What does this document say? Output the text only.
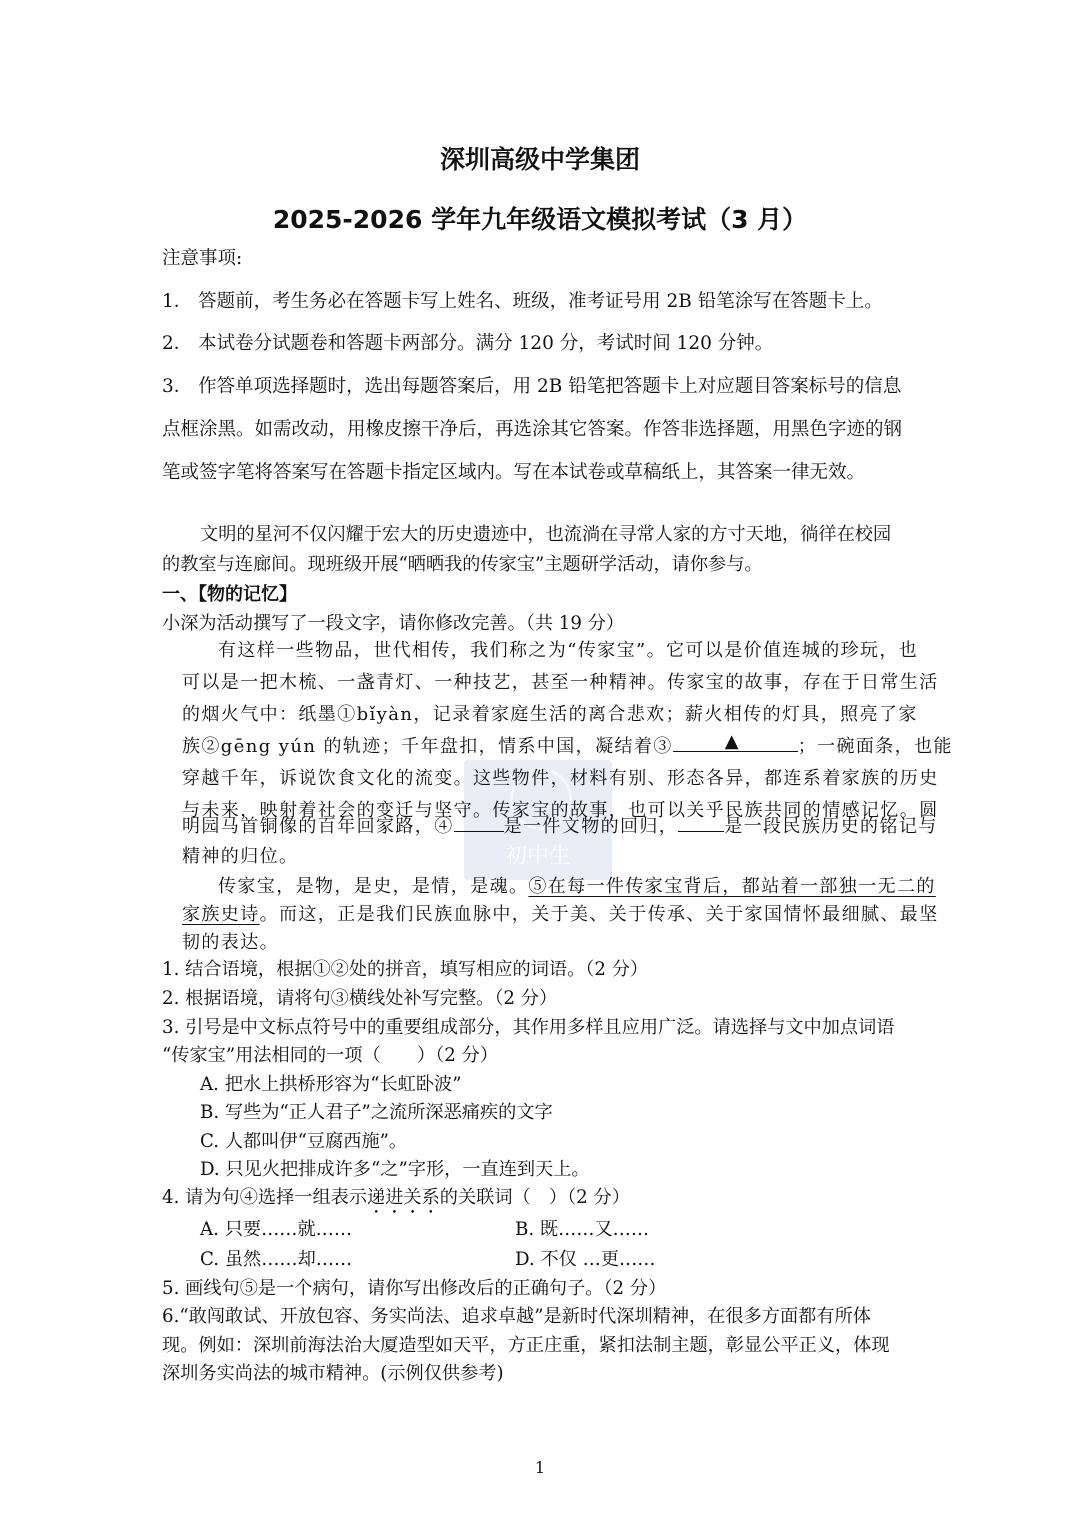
初中生
深圳高级中学集团
2025-2026 学年九年级语文模拟考试（3 月）
注意事项:
1． 答题前，考生务必在答题卡写上姓名、班级，准考证号用 2B 铅笔涂写在答题卡上。
2． 本试卷分试题卷和答题卡两部分。满分 120 分，考试时间 120 分钟。
3． 作答单项选择题时，选出每题答案后，用 2B 铅笔把答题卡上对应题目答案标号的信息
点框涂黑。如需改动，用橡皮擦干净后，再选涂其它答案。作答非选择题，用黑色字迹的钢
笔或签字笔将答案写在答题卡指定区域内。写在本试卷或草稿纸上，其答案一律无效。
文明的星河不仅闪耀于宏大的历史遗迹中，也流淌在寻常人家的方寸天地，徜徉在校园
的教室与连廊间。现班级开展“晒晒我的传家宝”主题研学活动，请你参与。
一、【物的记忆】
小深为活动撰写了一段文字，请你修改完善。（共 19 分）
有这样一些物品，世代相传，我们称之为“传家宝”。它可以是价值连城的珍玩，也
可以是一把木梳、一盏青灯、一种技艺，甚至一种精神。传家宝的故事，存在于日常生活
的烟火气中：纸墨①bǐyàn，记录着家庭生活的离合悲欢；薪火相传的灯具，照亮了家
族②gēng yún 的轨迹；千年盘扣，情系中国，凝结着③	▲	；一碗面条，也能
穿越千年，诉说饮食文化的流变。这些物件，材料有别、形态各异，都连系着家族的历史
与未来，映射着社会的变迁与坚守。传家宝的故事，也可以关乎民族共同的情感记忆。圆
明园马首铜像的百年回家路，④	是一件文物的回归，	是一段民族历史的铭记与
精神的归位。
传家宝，是物，是史，是情，是魂。⑤在每一件传家宝背后，都站着一部独一无二的
家族史诗。而这，正是我们民族血脉中，关于美、关于传承、关于家国情怀最细腻、最坚
韧的表达。
1. 结合语境，根据①②处的拼音，填写相应的词语。（2 分）
2. 根据语境，请将句③横线处补写完整。（2 分）
3. 引号是中文标点符号中的重要组成部分，其作用多样且应用广泛。请选择与文中加点词语
“传家宝”用法相同的一项（　　）（2 分）
A. 把水上拱桥形容为“长虹卧波”
B. 写些为“正人君子”之流所深恶痛疾的文字
C. 人都叫伊“豆腐西施”。
D. 只见火把排成许多“之”字形，一直连到天上。
4. 请为句④选择一组表示递进关系的关联词（　）（2 分）
A. 只要……就……	B. 既……又……
C. 虽然……却……	D. 不仅 …更……
5. 画线句⑤是一个病句，请你写出修改后的正确句子。（2 分）
6.“敢闯敢试、开放包容、务实尚法、追求卓越”是新时代深圳精神，在很多方面都有所体
现。例如：深圳前海法治大厦造型如天平，方正庄重，紧扣法制主题，彰显公平正义，体现
深圳务实尚法的城市精神。(示例仅供参考)
1
